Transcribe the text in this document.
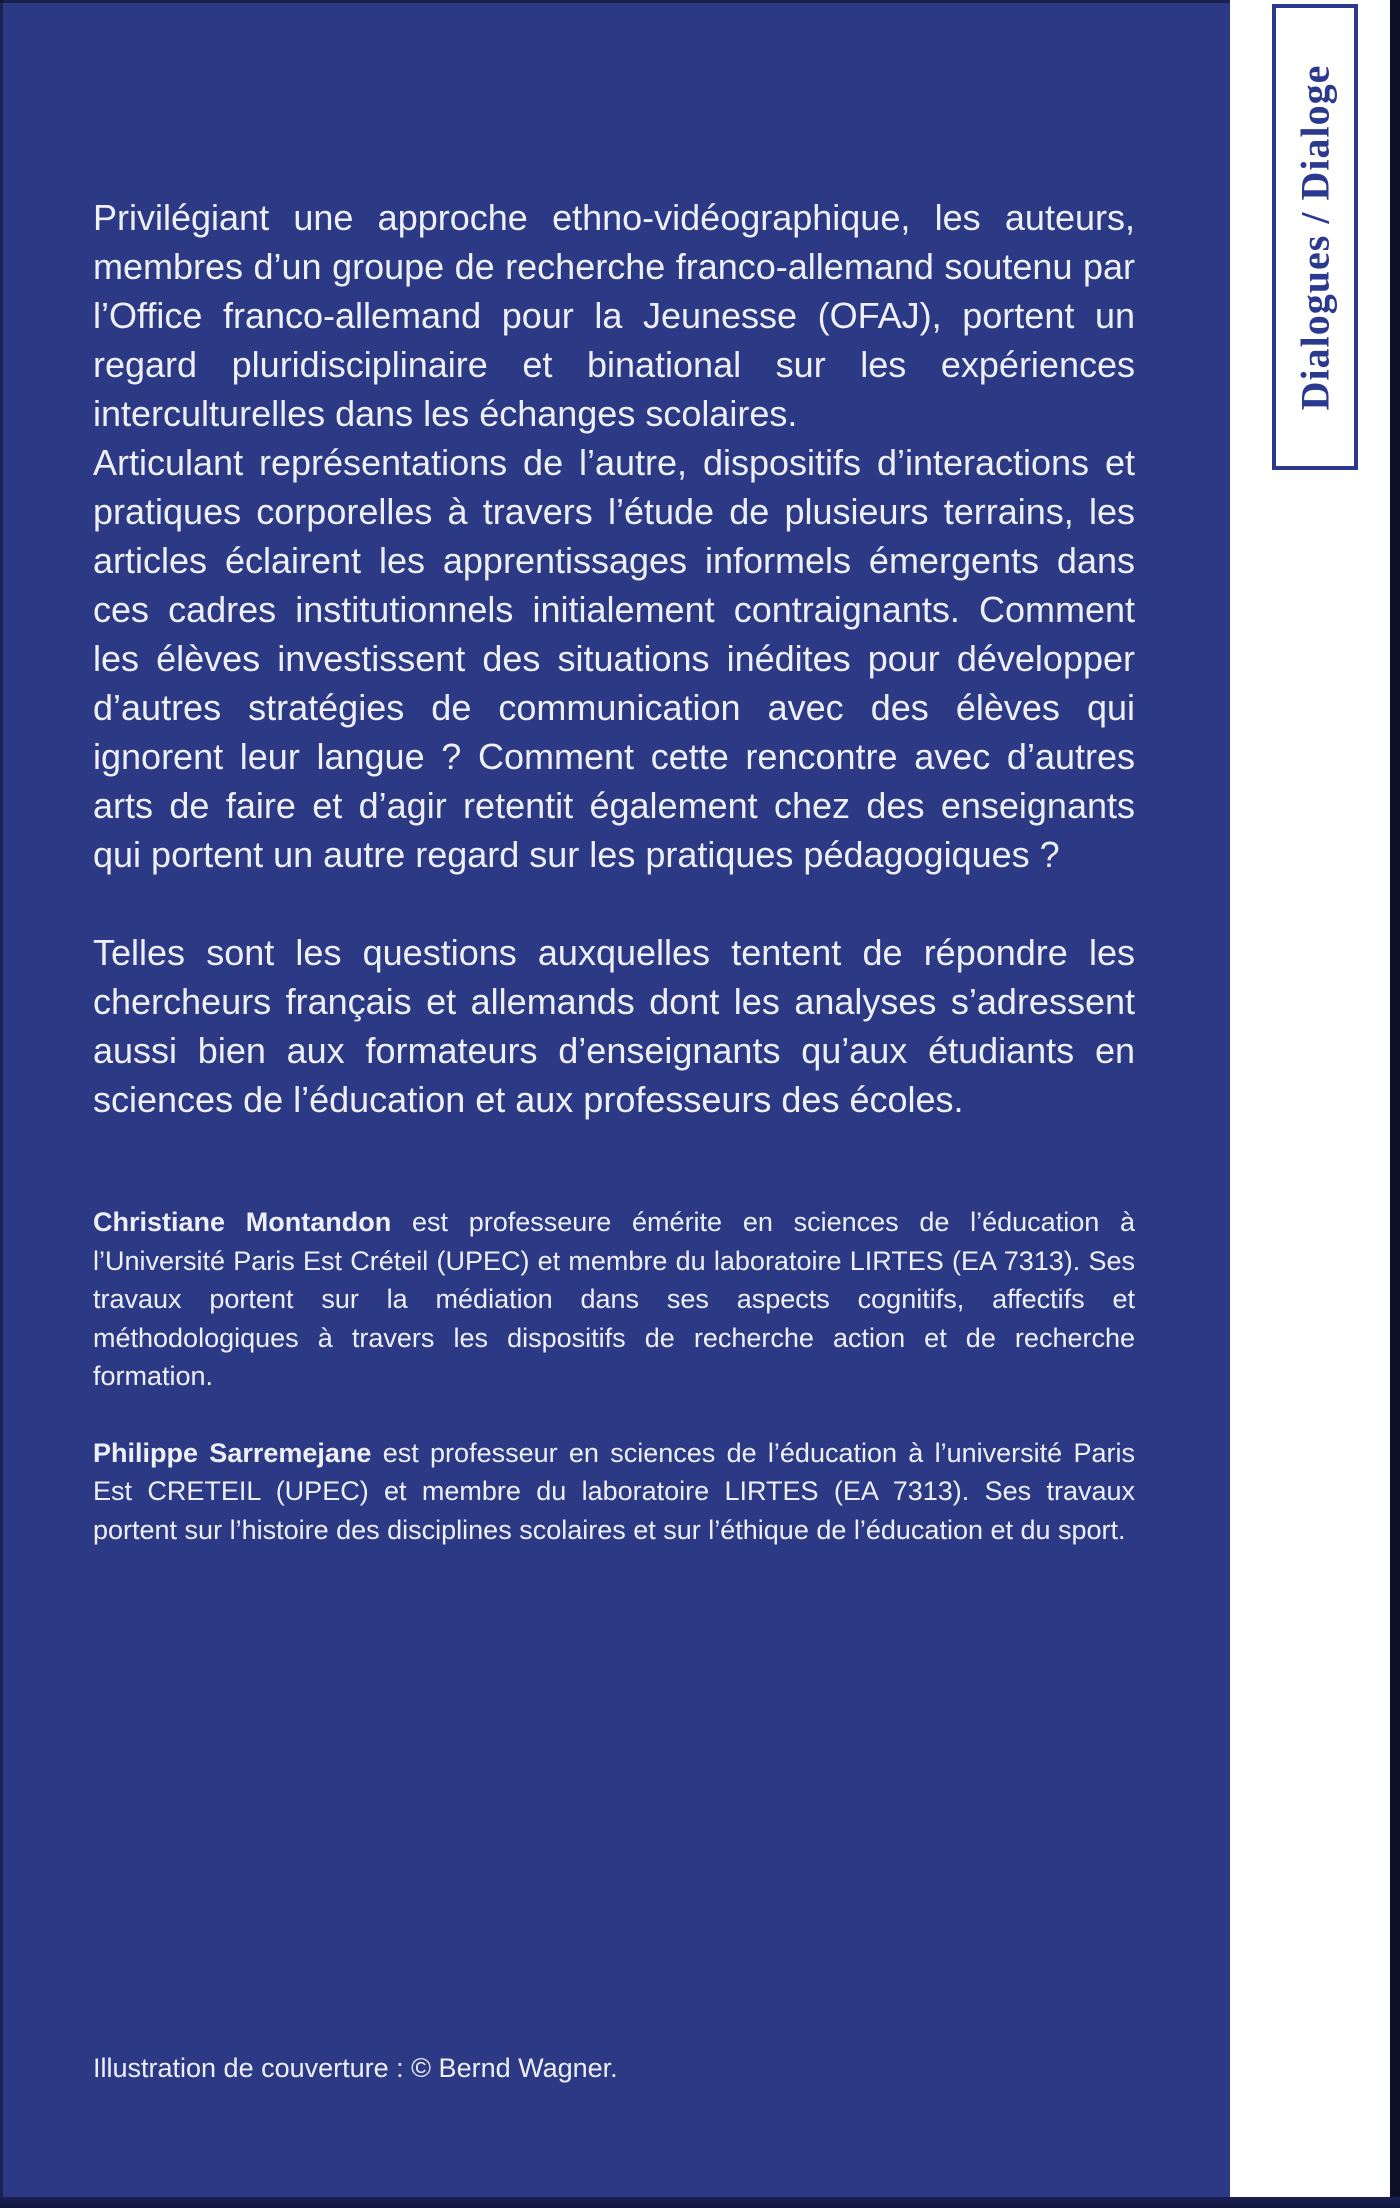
Privilégiant une approche ethno-vidéographique, les auteurs, membres d’un groupe de recherche franco-allemand soutenu par l’Office franco-allemand pour la Jeunesse (OFAJ), portent un regard pluridisciplinaire et binational sur les expériences interculturelles dans les échanges scolaires.

Articulant représentations de l’autre, dispositifs d’interactions et pratiques corporelles à travers l’étude de plusieurs terrains, les articles éclairent les apprentissages informels émergents dans ces cadres institutionnels initialement contraignants. Comment les élèves investissent des situations inédites pour développer d’autres stratégies de communication avec des élèves qui ignorent leur langue ? Comment cette rencontre avec d’autres arts de faire et d’agir retentit également chez des enseignants qui portent un autre regard sur les pratiques pédagogiques ?

Telles sont les questions auxquelles tentent de répondre les chercheurs français et allemands dont les analyses s’adressent aussi bien aux formateurs d’enseignants qu’aux étudiants en sciences de l’éducation et aux professeurs des écoles.

Christiane Montandon est professeure émérite en sciences de l’éducation à l’Université Paris Est Créteil (UPEC) et membre du laboratoire LIRTES (EA 7313). Ses travaux portent sur la médiation dans ses aspects cognitifs, affectifs et méthodologiques à travers les dispositifs de recherche action et de recherche formation.

Philippe Sarremejane est professeur en sciences de l’éducation à l’université Paris Est CRETEIL (UPEC) et membre du laboratoire LIRTES (EA 7313). Ses travaux portent sur l’histoire des disciplines scolaires et sur l’éthique de l’éducation et du sport.

Illustration de couverture : © Bernd Wagner.
Dialogues / Dialoge
